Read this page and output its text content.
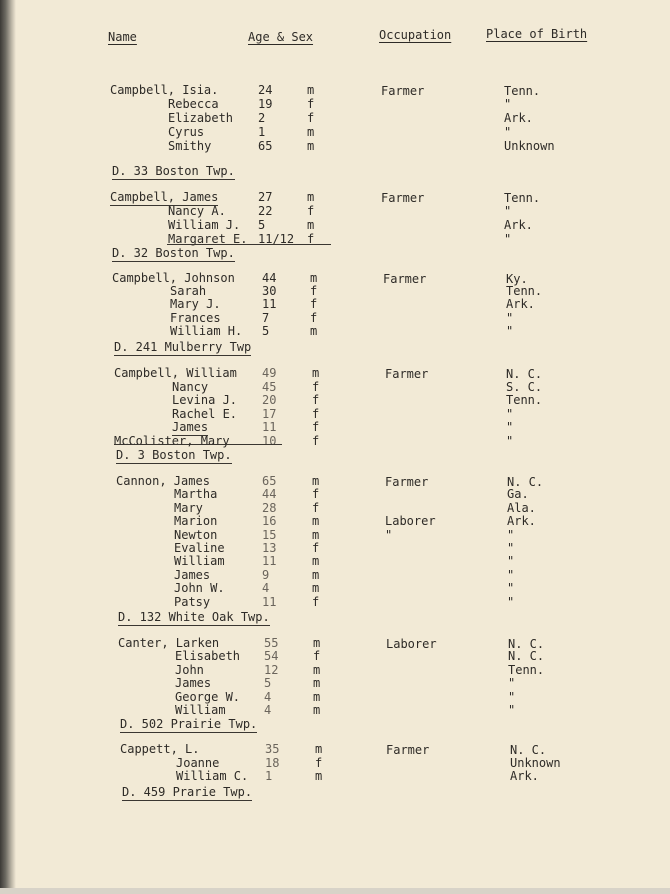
Name	Age & Sex	Occupation	Place of Birth
Campbell, Isia.	24	m	Farmer	Tenn.
Rebecca	19	f	"
Elizabeth 2	f	Ark.
Cyrus	1	m	"
Smithy	65	m	Unknown
D. 33 Boston Twp.
Campbell, James	27	m	Farmer	Tenn.
Nancy A.	22	f	"
William J. 5	m	Ark.
Margaret E. 11/12 f	"
D. 32 Boston Twp.
Campbell, Johnson 44	m	Farmer	Ky.
Sarah	30	f	Tenn.
Mary J.	11	f	Ark.
Frances	7	f	"
William H. 5	m	"
D. 241 Mulberry Twp
Campbell, William 49	m	Farmer	N. C.
Nancy	45	f	S. C.
Levina J. 20	f	Tenn.
Rachel E. 17	f	"
James	11	f	"
McColister, Mary	10	f	"
D. 3 Boston Twp.
Cannon, James	65	m	Farmer	N. C.
Martha	44	f	Ga.
Mary	28	f	Ala.
Marion	16	m	Laborer	Ark.
Newton	15	m	"	"
Evaline	13	f	"
William	11	m	"
James	9	m	"
John W.	4	m	"
Patsy	11	f	"
D. 132 White Oak Twp.
Canter, Larken	55	m	Laborer	N. C.
Elisabeth 54	f	N. C.
John	12	m	Tenn.
James	5	m	"
George W. 4	m	"
William	4	m	"
D. 502 Prairie Twp.
Cappett, L.	35	m	Farmer	N. C.
Joanne	18	f	Unknown
William C. 1	m	Ark.
D. 459 Prarie Twp.
